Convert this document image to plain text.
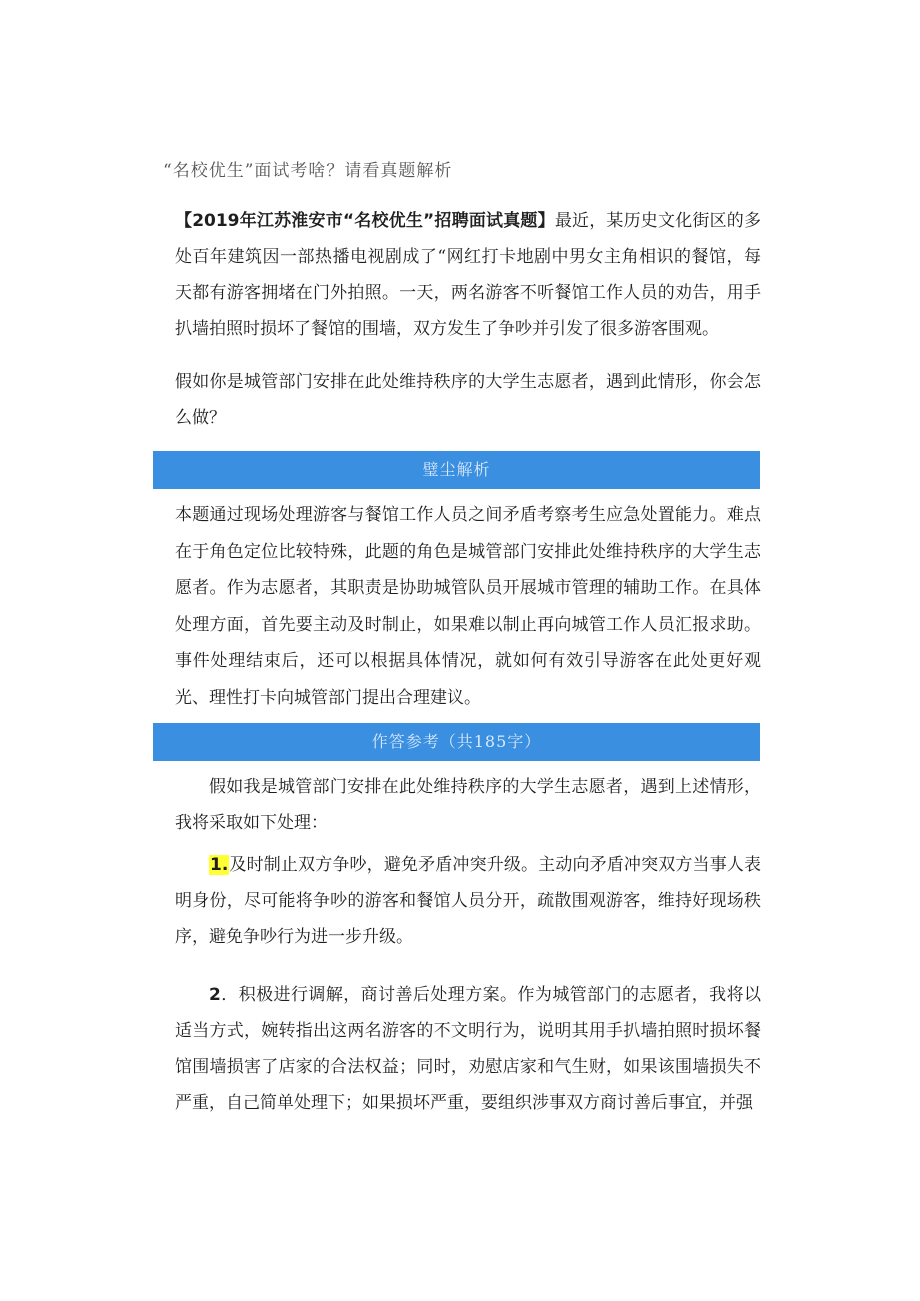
“名校优生”面试考啥？请看真题解析

【2019年江苏淮安市“名校优生”招聘面试真题】最近，某历史文化街区的多处百年建筑因一部热播电视剧成了“网红打卡地剧中男女主角相识的餐馆，每天都有游客拥堵在门外拍照。一天，两名游客不听餐馆工作人员的劝告，用手扒墙拍照时损坏了餐馆的围墙，双方发生了争吵并引发了很多游客围观。

假如你是城管部门安排在此处维持秩序的大学生志愿者，遇到此情形，你会怎么做？

璧尘解析

本题通过现场处理游客与餐馆工作人员之间矛盾考察考生应急处置能力。难点在于角色定位比较特殊，此题的角色是城管部门安排此处维持秩序的大学生志愿者。作为志愿者，其职责是协助城管队员开展城市管理的辅助工作。在具体处理方面，首先要主动及时制止，如果难以制止再向城管工作人员汇报求助。事件处理结束后，还可以根据具体情况，就如何有效引导游客在此处更好观光、理性打卡向城管部门提出合理建议。

作答参考（共185字）

假如我是城管部门安排在此处维持秩序的大学生志愿者，遇到上述情形，我将采取如下处理：

1.及时制止双方争吵，避免矛盾冲突升级。主动向矛盾冲突双方当事人表明身份，尽可能将争吵的游客和餐馆人员分开，疏散围观游客，维持好现场秩序，避免争吵行为进一步升级。

2．积极进行调解，商讨善后处理方案。作为城管部门的志愿者，我将以适当方式，婉转指出这两名游客的不文明行为，说明其用手扒墙拍照时损坏餐馆围墙损害了店家的合法权益；同时，劝慰店家和气生财，如果该围墙损失不严重，自己简单处理下；如果损坏严重，要组织涉事双方商讨善后事宜，并强
